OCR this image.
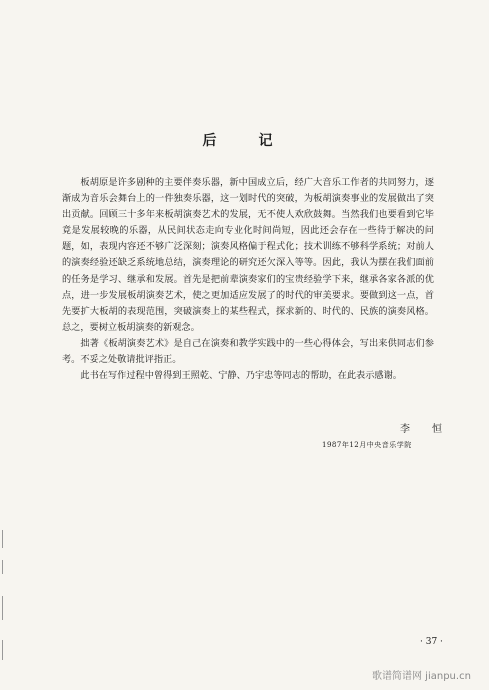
后　记

板胡原是许多剧种的主要伴奏乐器，新中国成立后，经广大音乐工作者的共同努力，逐渐成为音乐会舞台上的一件独奏乐器，这一划时代的突破，为板胡演奏事业的发展做出了突出贡献。回顾三十多年来板胡演奏艺术的发展，无不使人欢欣鼓舞。当然我们也要看到它毕竟是发展较晚的乐器，从民间状态走向专业化时间尚短，因此还会存在一些待于解决的问题，如，表现内容还不够广泛深刻；演奏风格偏于程式化；技术训练不够科学系统；对前人的演奏经验还缺乏系统地总结，演奏理论的研究还欠深入等等。因此，我认为摆在我们面前的任务是学习、继承和发展。首先是把前辈演奏家们的宝贵经验学下来，继承各家各派的优点，进一步发展板胡演奏艺术，使之更加适应发展了的时代的审美要求。要做到这一点，首先要扩大板胡的表现范围，突破演奏上的某些程式，探求新的、时代的、民族的演奏风格。总之，要树立板胡演奏的新观念。

拙著《板胡演奏艺术》是自己在演奏和教学实践中的一些心得体会，写出来供同志们参考。不妥之处敬请批评指正。

此书在写作过程中曾得到王照乾、宁静、乃宇忠等同志的帮助，在此表示感谢。

李　恒
1987年12月中央音乐学院
· 37 ·
歌谱简谱网 jianpu.cn
